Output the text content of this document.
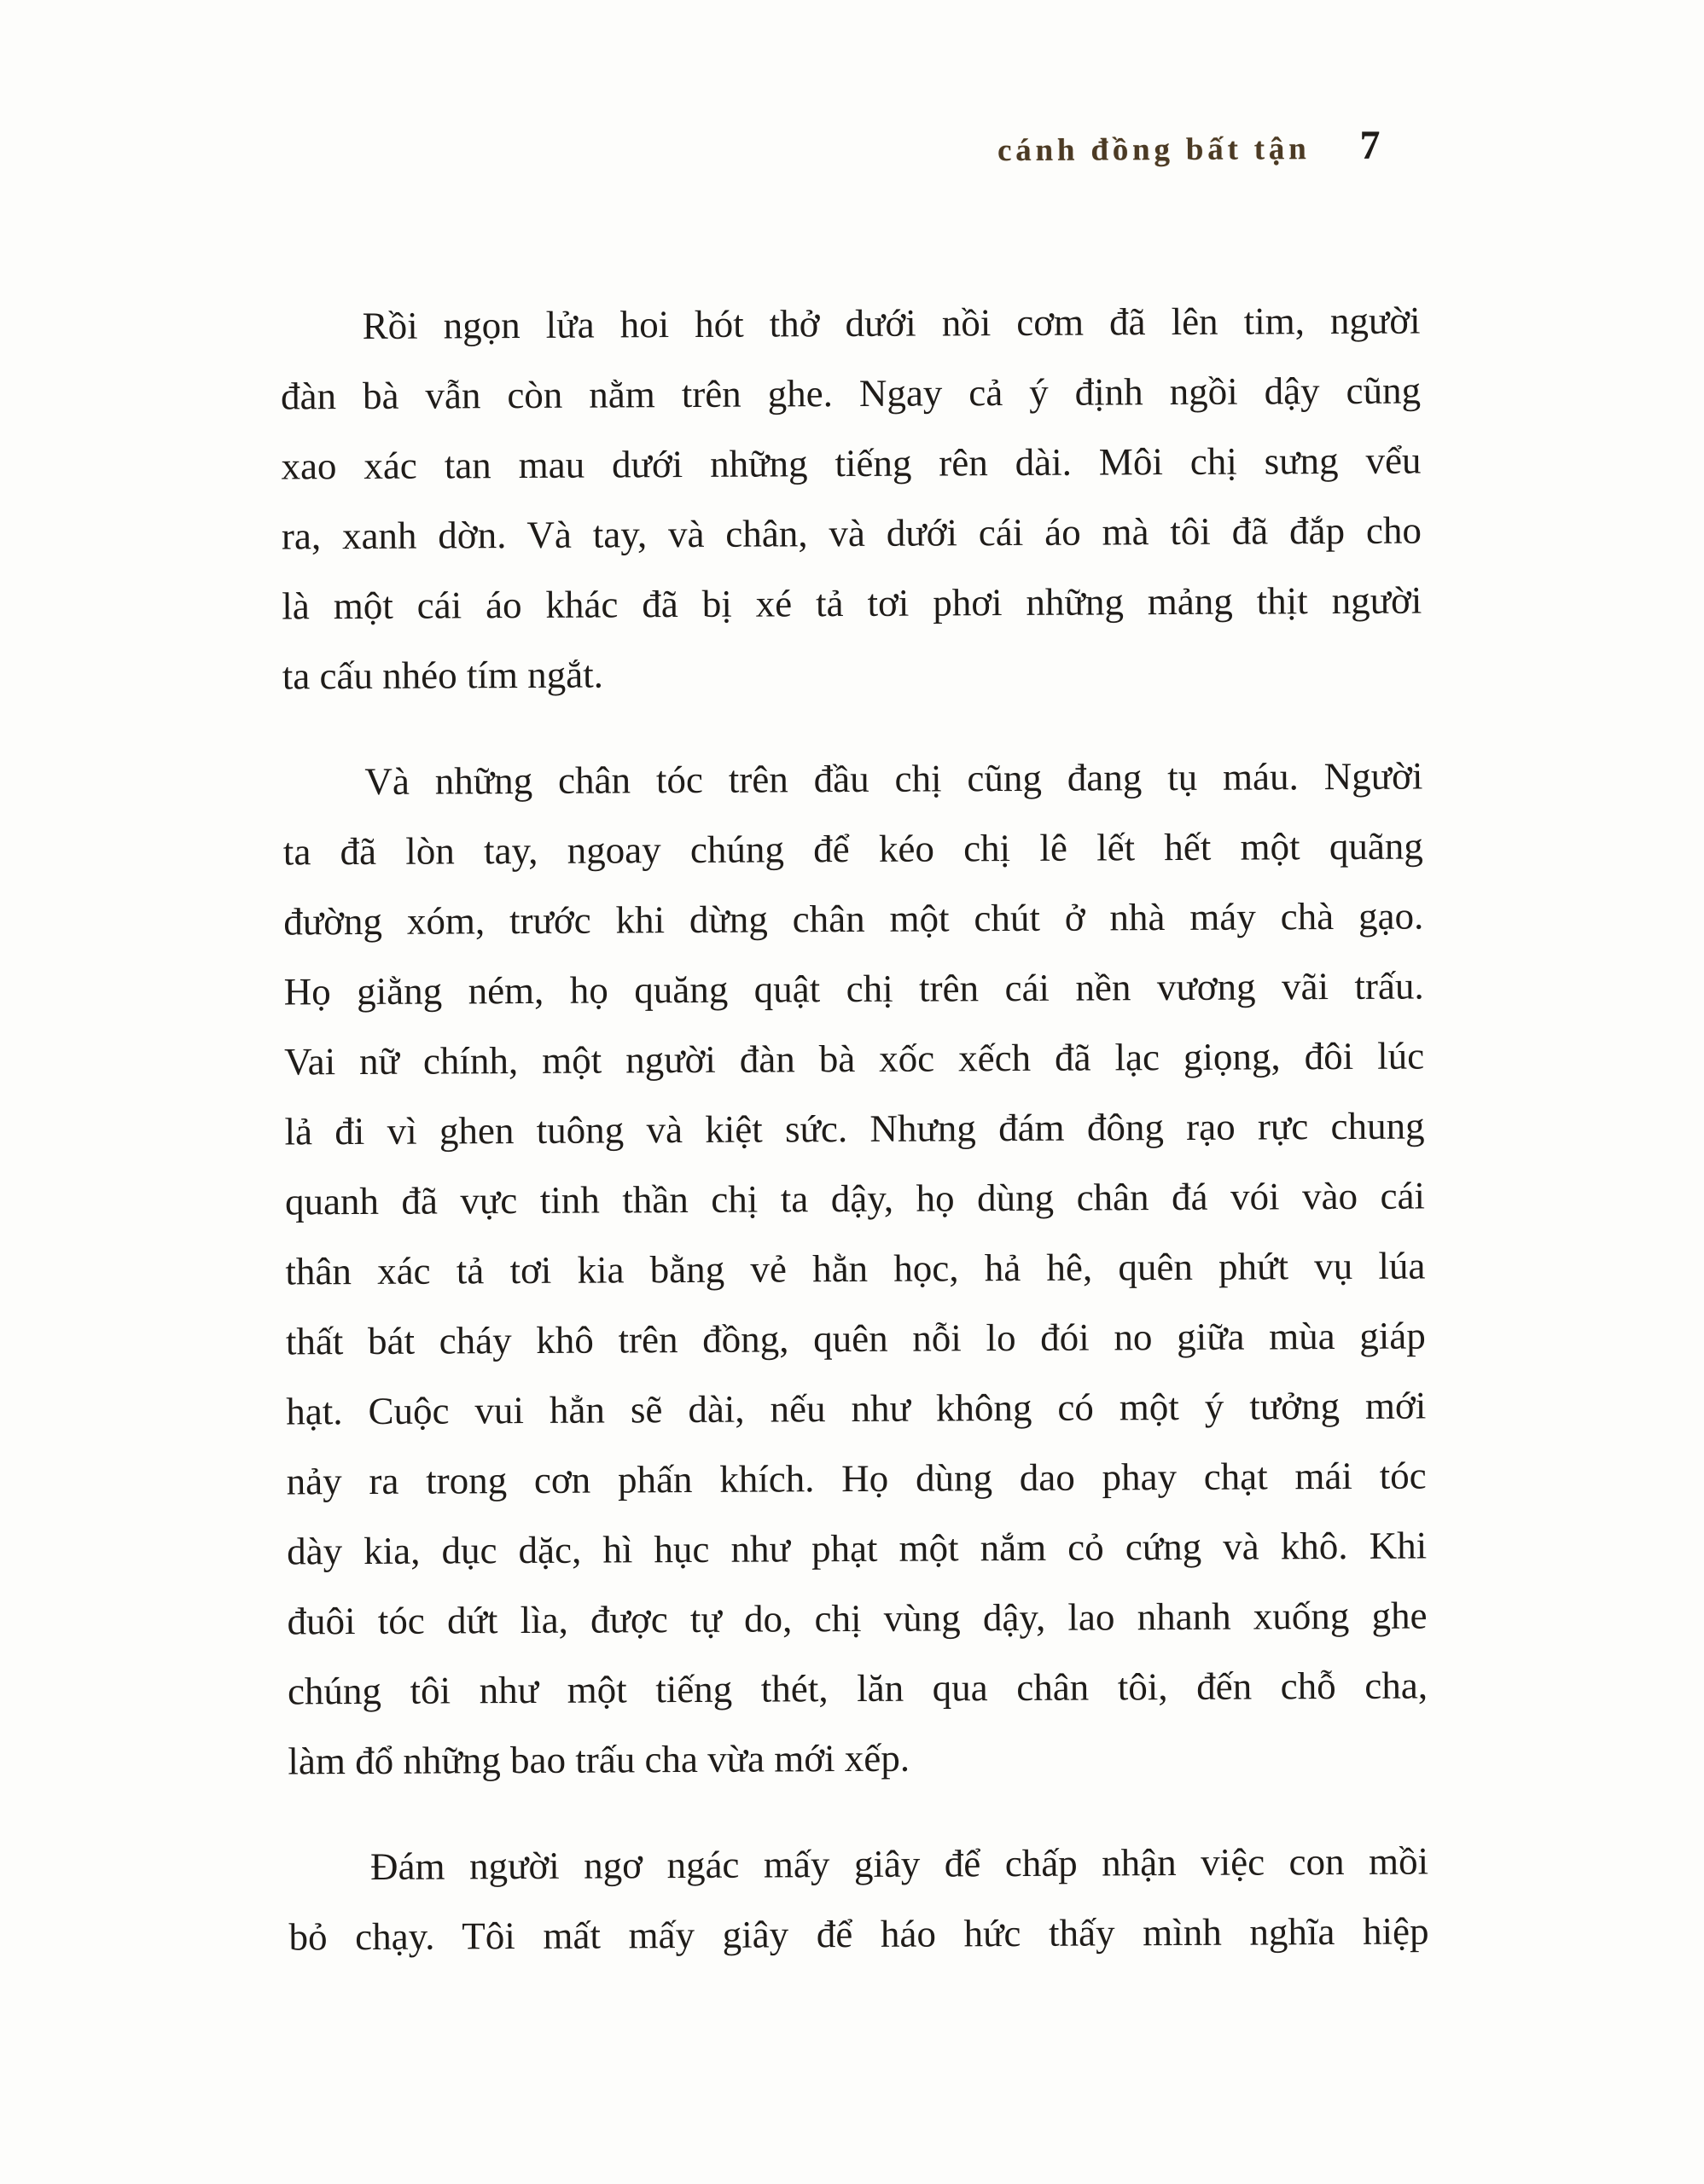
cánh đồng bất tận 7
Rồi ngọn lửa hoi hót thở dưới nồi cơm đã lên tim, người
đàn bà vẫn còn nằm trên ghe. Ngay cả ý định ngồi dậy cũng
xao xác tan mau dưới những tiếng rên dài. Môi chị sưng vểu
ra, xanh dờn. Và tay, và chân, và dưới cái áo mà tôi đã đắp cho
là một cái áo khác đã bị xé tả tơi phơi những mảng thịt người
ta cấu nhéo tím ngắt.
Và những chân tóc trên đầu chị cũng đang tụ máu. Người
ta đã lòn tay, ngoay chúng để kéo chị lê lết hết một quãng
đường xóm, trước khi dừng chân một chút ở nhà máy chà gạo.
Họ giằng ném, họ quăng quật chị trên cái nền vương vãi trấu.
Vai nữ chính, một người đàn bà xốc xếch đã lạc giọng, đôi lúc
lả đi vì ghen tuông và kiệt sức. Nhưng đám đông rạo rực chung
quanh đã vực tinh thần chị ta dậy, họ dùng chân đá vói vào cái
thân xác tả tơi kia bằng vẻ hằn học, hả hê, quên phứt vụ lúa
thất bát cháy khô trên đồng, quên nỗi lo đói no giữa mùa giáp
hạt. Cuộc vui hẳn sẽ dài, nếu như không có một ý tưởng mới
nảy ra trong cơn phấn khích. Họ dùng dao phay chạt mái tóc
dày kia, dục dặc, hì hục như phạt một nắm cỏ cứng và khô. Khi
đuôi tóc dứt lìa, được tự do, chị vùng dậy, lao nhanh xuống ghe
chúng tôi như một tiếng thét, lăn qua chân tôi, đến chỗ cha,
làm đổ những bao trấu cha vừa mới xếp.
Đám người ngơ ngác mấy giây để chấp nhận việc con mồi
bỏ chạy. Tôi mất mấy giây để háo hức thấy mình nghĩa hiệp
